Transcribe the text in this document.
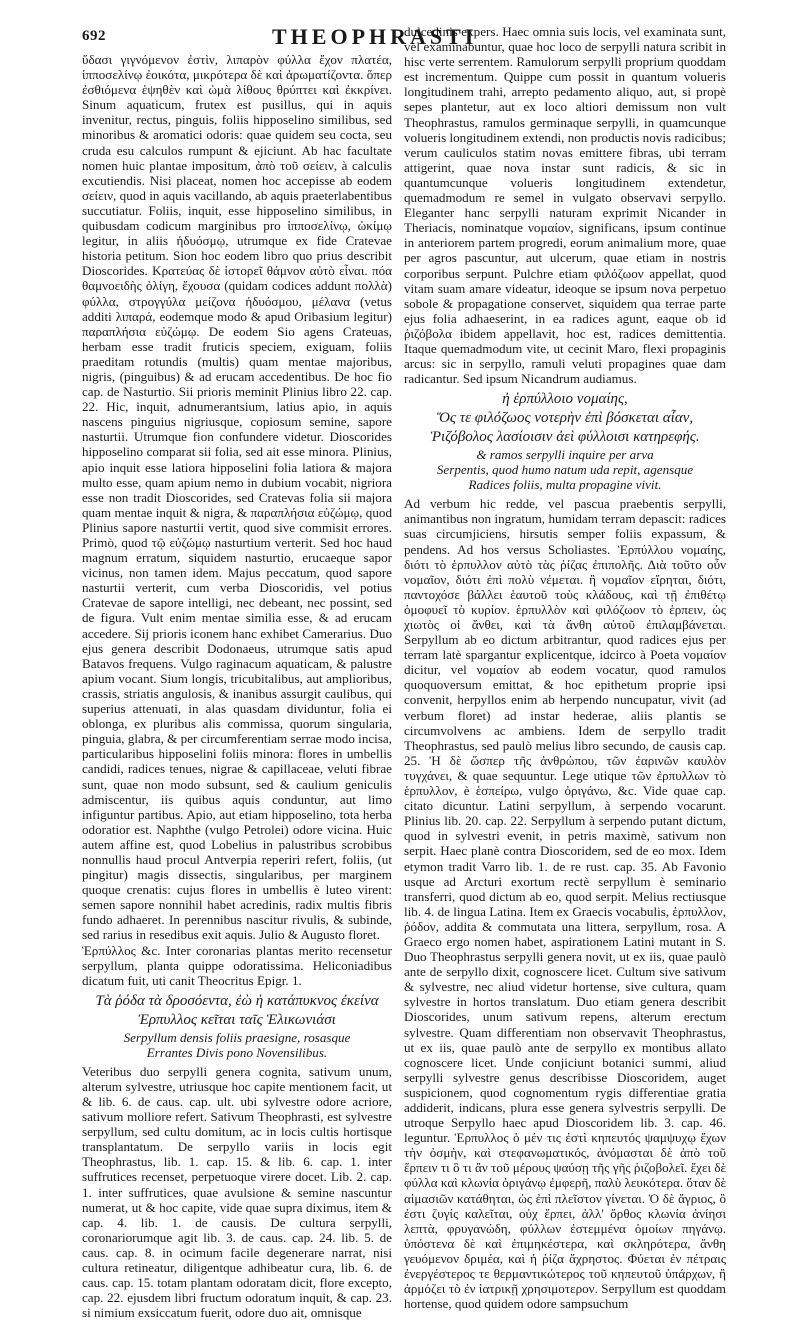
692	THEOPHRASTI

ὕδασι γιγνόμενον ἐστὶν, λιπαρὸν φύλλα ἔχον πλατέα, ἱπποσελίνῳ ἐοικότα, μικρότερα δὲ καὶ ἀρωματίζοντα. ὅπερ ἐσθιόμενα ἑψηθὲν καὶ ὠμὰ λίθους θρύπτει καὶ ἐκκρίνει. Sinum aquaticum, frutex est pusillus, qui in aquis invenitur, rectus, pinguis, foliis hipposelino similibus, sed minoribus & aromatici odoris: quae quidem seu cocta, seu cruda esu calculos rumpunt & ejiciunt. Ab hac facultate nomen huic plantae impositum, ἀπὸ τοῦ σείειν, à calculis excutiendis. Nisi placeat, nomen hoc accepisse ab eodem σείειν, quod in aquis vacillando, ab aquis praeterlabentibus succutiatur. Foliis, inquit, esse hipposelino similibus, in quibusdam codicum marginibus pro ἱπποσελίνῳ, ὠκίμῳ legitur, in aliis ἡδυόσμῳ, utrumque ex fide Cratevae historia petitum. Sion hoc eodem libro quo prius describit Dioscorides. Κρατεύας δὲ ἱστορεῖ θάμνον αὐτὸ εἶναι. πόα θαμνοειδὴς ὀλίγη, ἔχουσα (quidam codices addunt πολλὰ) φύλλα, στρογγύλα μείζονα ἡδυόσμου, μέλανα (vetus additi λιπαρά, eodemque modo & apud Oribasium legitur) παραπλήσια εὐζώμῳ. De eodem Sio agens Crateuas, herbam esse tradit fruticis speciem, exiguam, foliis praeditam rotundis (multis) quam mentae majoribus, nigris, (pinguibus) & ad erucam accedentibus. De hoc fio cap. de Nasturtio. Sii prioris meminit Plinius libro 22. cap. 22. Hic, inquit, adnumerantsium, latius apio, in aquis nascens pinguius nigriusque, copiosum semine, sapore nasturtii. Utrumque fion confundere videtur. Dioscorides hipposelino comparat sii folia, sed ait esse minora. Plinius, apio inquit esse latiora hipposelini folia latiora & majora multo esse, quam apium nemo in dubium vocabit, nigriora esse non tradit Dioscorides, sed Cratevas folia sii majora quam mentae inquit & nigra, & παραπλήσια εὐζώμῳ, quod Plinius sapore nasturtii vertit, quod sive commisit errores. Primò, quod τῷ εὐζώμῳ nasturtium verterit. Sed hoc haud magnum erratum, siquidem nasturtio, erucaeque sapor vicinus, non tamen idem. Majus peccatum, quod sapore nasturtii verterit, cum verba Dioscoridis, vel potius Cratevae de sapore intelligi, nec debeant, nec possint, sed de figura. Vult enim mentae similia esse, & ad erucam accedere. Sij prioris iconem hanc exhibet Camerarius. Duo ejus genera describit Dodonaeus, utrumque satis apud Batavos frequens. Vulgo raginacum aquaticam, & palustre apium vocant. Sium longis, tricubitalibus, aut amplioribus, crassis, striatis angulosis, & inanibus assurgit caulibus, qui superius attenuati, in alas quasdam dividuntur, folia ei oblonga, ex pluribus alis commissa, quorum singularia, pinguia, glabra, & per circumferentiam serrae modo incisa, particularibus hipposelini foliis minora: flores in umbellis candidi, radices tenues, nigrae & capillaceae, veluti fibrae sunt, quae non modo subsunt, sed & caulium geniculis admiscentur, iis quibus aquis conduntur, aut limo infiguntur partibus. Apio, aut etiam hipposelino, tota herba odoratior est. Naphthe (vulgo Petrolei) odore vicina. Huic autem affine est, quod Lobelius in palustribus scrobibus nonnullis haud procul Antverpia reperiri refert, foliis, (ut pingitur) magis dissectis, singularibus, per marginem quoque crenatis: cujus flores in umbellis è luteo virent: semen sapore nonnihil habet acredinis, radix multis fibris fundo adhaeret. In perennibus nascitur rivulis, & subinde, sed rarius in resedibus exit aquis. Julio & Augusto floret.

Ἑρπύλλος &c. Inter coronarias plantas merito recensetur serpyllum, planta quippe odoratissima. Heliconiadibus dicatum fuit, uti canit Theocritus Epigr. 1.

Τὰ ῥόδα τὰ δροσόεντα, ἐὼ ἡ κατάπυκνος ἐκείνα
Ἑρπυλλος κεῖται ταῖς Ἑλικωνιάσι
Serpyllum densis foliis praesigne, rosasque
Errantes Divis pono Novensilibus.

Veteribus duo serpylli genera cognita, sativum unum, alterum sylvestre, utriusque hoc capite mentionem facit, ut & lib. 6. de caus. cap. ult. ubi sylvestre odore acriore, sativum molliore refert. Sativum Theophrasti, est sylvestre serpyllum, sed cultu domitum, ac in locis cultis hortisque transplantatum. De serpyllo variis in locis egit Theophrastus, lib. 1. cap. 15. & lib. 6. cap. 1. inter suffrutices recenset, perpetuoque virere docet. Lib. 2. cap. 1. inter suffrutices, quae avulsione & semine nascuntur numerat, ut & hoc capite, vide quae supra diximus, item & cap. 4. lib. 1. de causis. De cultura serpylli, coronariorumque agit lib. 3. de caus. cap. 24. lib. 5. de caus. cap. 8. in ocimum facile degenerare narrat, nisi cultura retineatur, diligentque adhibeatur cura, lib. 6. de caus. cap. 15. totam plantam odoratam dicit, flore excepto, cap. 22. ejusdem libri fructum odoratum inquit, & cap. 23. si nimium exsiccatum fuerit, odore duo ait, omnisque

dulcedinis expers. Haec omnia suis locis, vel examinata sunt, vel examinabuntur, quae hoc loco de serpylli natura scribit in hisc verte serrentem. Ramulorum serpylli proprium quoddam est incrementum. Quippe cum possit in quantum volueris longitudinem trahi, arrepto pedamento aliquo, aut, si propè sepes plantetur, aut ex loco altiori demissum non vult Theophrastus, ramulos germinaque serpylli, in quamcunque volueris longitudinem extendi, non productis novis radicibus; verum cauliculos statim novas emittere fibras, ubi terram attigerint, quae nova instar sunt radicis, & sic in quantumcunque volueris longitudinem extendetur, quemadmodum re semel in vulgato observavi serpyllo. Eleganter hanc serpylli naturam exprimit Nicander in Theriacis, nominatque νομαίον, significans, ipsum continue in anteriorem partem progredi, eorum animalium more, quae per agros pascuntur, aut ulcerum, quae etiam in nostris corporibus serpunt. Pulchre etiam φιλόζωον appellat, quod vitam suam amare videatur, ideoque se ipsum nova perpetuo sobole & propagatione conservet, siquidem qua terrae parte ejus folia adhaeserint, in ea radices agunt, eaque ob id ῥιζόβολα ibidem appellavit, hoc est, radices demittentia. Itaque quemadmodum vite, ut cecinit Maro, flexi propaginis arcus: sic in serpyllo, ramuli veluti propagines quae dam radicantur. Sed ipsum Nicandrum audiamus.

ἠ ἑρπύλλοιο νομαίης,
Ὅς τε φιλόζωος νοτερὴν ἐπὶ βόσκεται αἶαν,
Ῥιζόβολος λασίοισιν ἀεὶ φύλλοισι κατηρεφής.
& ramos serpylli inquire per arva
Serpentis, quod humo natum uda repit, agensque
Radices foliis, multa propagine vivit.

Ad verbum hic redde, vel pascua praebentis serpylli, animantibus non ingratum, humidam terram depascit: radices suas circumjiciens, hirsutis semper foliis expassum, & pendens. Ad hos versus Scholiastes. Ἑρπύλλου νομαίης, διότι τὸ ἑρπυλλον αὐτὸ τὰς ῥίζας ἐπιπολῆς. Διὰ τοῦτο οὖν νομαῖον, διότι ἐπὶ πολὺ νέμεται. ἢ νομαῖον εἴρηται, διότι, παντοχόσε βάλλει ἑαυτοῦ τοὺς κλάδους, καὶ τῇ ἐπιθέτῳ ὁμοφυεῖ τὸ κυρίον. ἑρπυλλὸν καὶ φιλόζωον τὸ ἑρπειν, ὡς χιωτὸς οἱ ἄνθει, καὶ τὰ ἄνθη αὐτοῦ ἐπιλαμβάνεται. Serpyllum ab eo dictum arbitrantur, quod radices ejus per terram latè spargantur explicentque, idcirco à Poeta νομαίον dicitur, vel νομαίον ab eodem vocatur, quod ramulos quoquoversum emittat, & hoc epithetum proprie ipsi convenit, herpyllos enim ab herpendo nuncupatur, vivit (ad verbum floret) ad instar hederae, aliis plantis se circumvolvens ac ambiens. Idem de serpyllo tradit Theophrastus, sed paulò melius libro secundo, de causis cap. 25. Ἡ δὲ ὥσπερ τῆς ἀνθρώπου, τῶν ἐαρινῶν καυλὸν τυγχάνει, & quae sequuntur. Lege utique τῶν ἐρπυλλων τὸ ἑρπυλλον, è ἑσπείρω, vulgo ὀριγάνω, &c. Vide quae cap. citato dicuntur. Latini serpyllum, à serpendo vocarunt. Plinius lib. 20. cap. 22. Serpyllum à serpendo putant dictum, quod in sylvestri evenit, in petris maximè, sativum non serpit. Haec planè contra Dioscoridem, sed de eo mox. Idem etymon tradit Varro lib. 1. de re rust. cap. 35. Ab Favonio usque ad Arcturi exortum rectè serpyllum è seminario transferri, quod dictum ab eo, quod serpit. Melius rectiusque lib. 4. de lingua Latina. Item ex Graecis vocabulis, ἑρπυλλον, ῥόδον, addita & commutata una littera, serpyllum, rosa. A Graeco ergo nomen habet, aspirationem Latini mutant in S. Duo Theophrastus serpylli genera novit, ut ex iis, quae paulò ante de serpyllo dixit, cognoscere licet. Cultum sive sativum & sylvestre, nec aliud videtur hortense, sive cultura, quam sylvestre in hortos translatum. Duo etiam genera describit Dioscorides, unum sativum repens, alterum erectum sylvestre. Quam differentiam non observavit Theophrastus, ut ex iis, quae paulò ante de serpyllo ex montibus allato cognoscere licet. Unde conjiciunt botanici summi, aliud serpylli sylvestre genus describisse Dioscoridem, auget suspicionem, quod cognomentum rygis differentiae gratia addiderit, indicans, plura esse genera sylvestris serpylli. De utroque Serpyllo haec apud Dioscoridem lib. 3. cap. 46. leguntur. Ἑρπυλλος ὁ μέν τις ἐστὶ κηπευτός ψαμψυχῳ ἔχων τὴν ὀσμὴν, καὶ στεφανωματικός, ἀνόμασται δὲ ἀπὸ τοῦ ἕρπειν τι ὃ τι ἂν τοῦ μέρους ψαύσῃ τῆς γῆς ῥιζοβολεῖ. ἔχει δὲ φύλλα καὶ κλωνία ὀριγάνῳ ἐμφερῆ, παλὺ λευκότερα. ὅταν δὲ αἱμασιῶν κατάθηται, ὡς ἐπὶ πλεῖστον γίνεται. Ὁ δὲ ἄγριος, ὃ ἐστι ζυγίς καλεῖται, οὐχ ἕρπει, ἀλλ' ὄρθος κλωνία ἀνίησι λεπτὰ, φρυγανώδη, φύλλων ἐστεμμένα ὁμοίων πηγάνῳ. ὑπόστενα δὲ καὶ ἐπιμηκέστερα, καὶ σκληρότερα, ἄνθη γευόμενον δριμέα, καὶ ἡ ῥίζα ἄχρηστος. Φύεται ἐν πέτραις ἐνεργέστερος τε θερμαντικώτερος τοῦ κηπευτοῦ ὑπάρχων, ἢ ἀρμόζει τὸ ἐν ἰατρικῇ χρησιμοτερον. Serpyllum est quoddam hortense, quod quidem odore sampsuchum
